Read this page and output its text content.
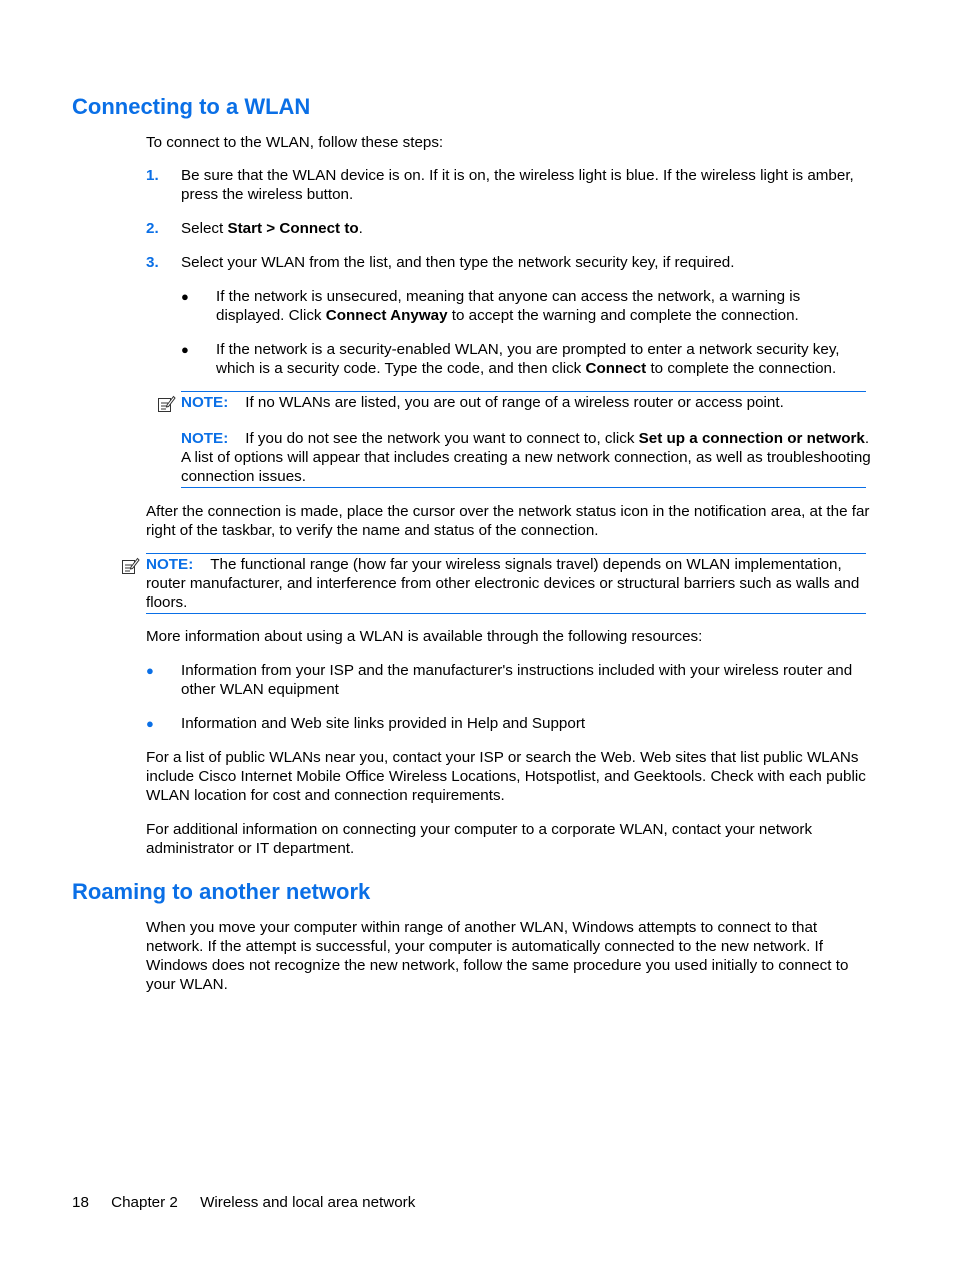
Connecting to a WLAN

To connect to the WLAN, follow these steps:

1. Be sure that the WLAN device is on. If it is on, the wireless light is blue. If the wireless light is amber, press the wireless button.

2. Select Start > Connect to.

3. Select your WLAN from the list, and then type the network security key, if required.

● If the network is unsecured, meaning that anyone can access the network, a warning is displayed. Click Connect Anyway to accept the warning and complete the connection.

● If the network is a security-enabled WLAN, you are prompted to enter a network security key, which is a security code. Type the code, and then click Connect to complete the connection.

NOTE: If no WLANs are listed, you are out of range of a wireless router or access point.

NOTE: If you do not see the network you want to connect to, click Set up a connection or network. A list of options will appear that includes creating a new network connection, as well as troubleshooting connection issues.

After the connection is made, place the cursor over the network status icon in the notification area, at the far right of the taskbar, to verify the name and status of the connection.

NOTE: The functional range (how far your wireless signals travel) depends on WLAN implementation, router manufacturer, and interference from other electronic devices or structural barriers such as walls and floors.

More information about using a WLAN is available through the following resources:

● Information from your ISP and the manufacturer's instructions included with your wireless router and other WLAN equipment

● Information and Web site links provided in Help and Support

For a list of public WLANs near you, contact your ISP or search the Web. Web sites that list public WLANs include Cisco Internet Mobile Office Wireless Locations, Hotspotlist, and Geektools. Check with each public WLAN location for cost and connection requirements.

For additional information on connecting your computer to a corporate WLAN, contact your network administrator or IT department.

Roaming to another network

When you move your computer within range of another WLAN, Windows attempts to connect to that network. If the attempt is successful, your computer is automatically connected to the new network. If Windows does not recognize the new network, follow the same procedure you used initially to connect to your WLAN.

18 Chapter 2 Wireless and local area network
